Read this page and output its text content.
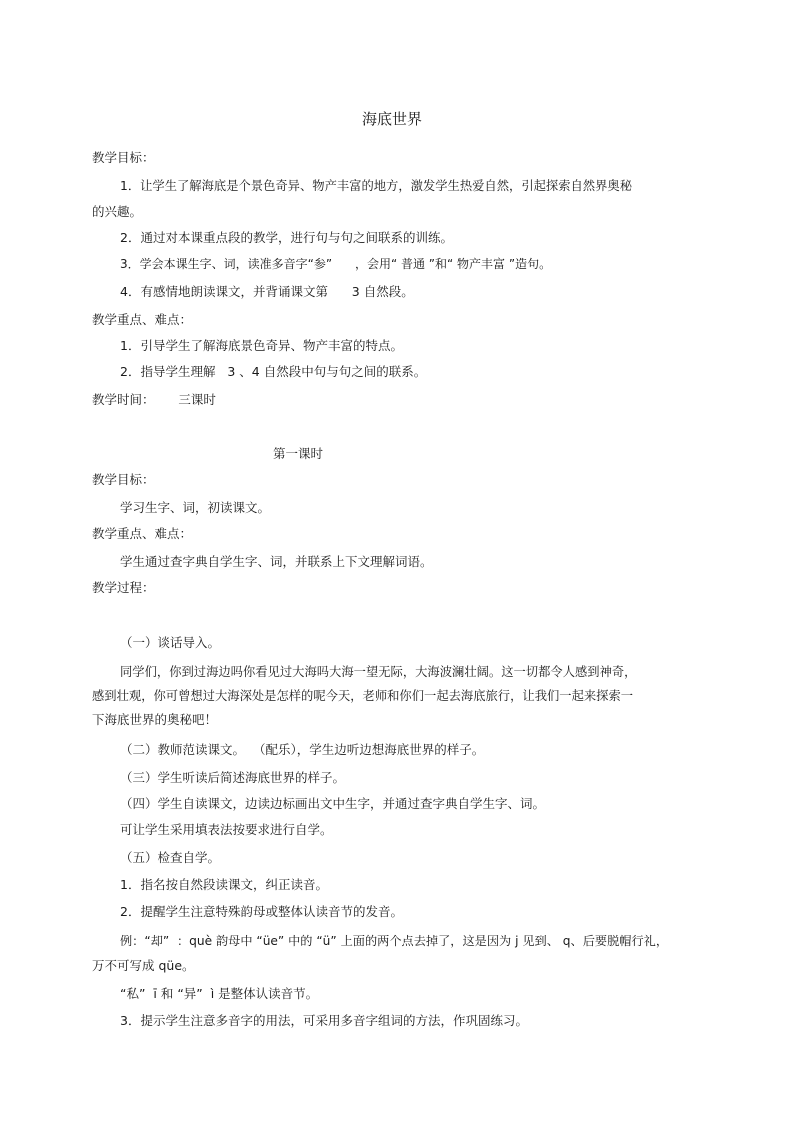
海底世界
教学目标：
1．让学生了解海底是个景色奇异、物产丰富的地方，激发学生热爱自然，引起探索自然界奥秘
的兴趣。
2．通过对本课重点段的教学，进行句与句之间联系的训练。
3．学会本课生字、词，读准多音字“参”      ，会用“ 普通 ”和“ 物产丰富 ”造句。
4．有感情地朗读课文，并背诵课文第      3 自然段。
教学重点、难点：
1．引导学生了解海底景色奇异、物产丰富的特点。
2．指导学生理解   3 、4 自然段中句与句之间的联系。
教学时间：      三课时
第一课时
教学目标：
学习生字、词，初读课文。
教学重点、难点：
学生通过查字典自学生字、词，并联系上下文理解词语。
教学过程：
（一）谈话导入。
同学们，你到过海边吗你看见过大海吗大海一望无际，大海波澜壮阔。这一切都令人感到神奇，
感到壮观，你可曾想过大海深处是怎样的呢今天，老师和你们一起去海底旅行，让我们一起来探索一
下海底世界的奥秘吧！
（二）教师范读课文。  （配乐），学生边听边想海底世界的样子。
（三）学生听读后简述海底世界的样子。
（四）学生自读课文，边读边标画出文中生字，并通过查字典自学生字、词。
可让学生采用填表法按要求进行自学。
（五）检查自学。
1．指名按自然段读课文，纠正读音。
2．提醒学生注意特殊韵母或整体认读音节的发音。
例：“却”  ：què 韵母中 “üe” 中的 “ü” 上面的两个点去掉了，这是因为 j 见到、 q、后要脱帽行礼，
万不可写成 qüe。
“私”  ī 和 “异”  ì 是整体认读音节。
3．提示学生注意多音字的用法，可采用多音字组词的方法，作巩固练习。
